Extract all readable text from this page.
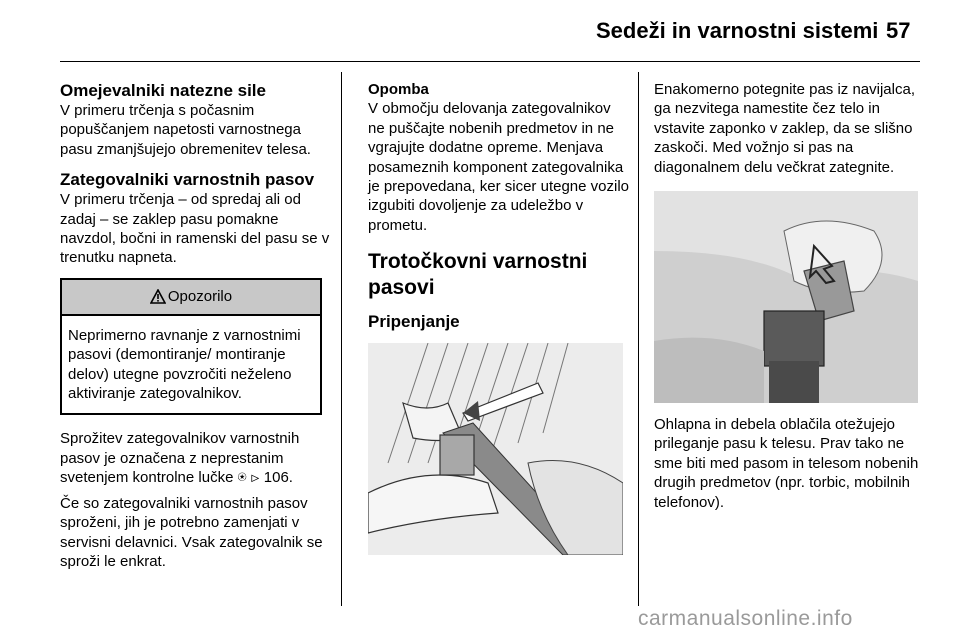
Sedeži in varnostni sistemi 57
Omejevalniki natezne sile

V primeru trčenja s počasnim popuščanjem napetosti varnostnega pasu zmanjšujejo obremenitev telesa.

Zategovalniki varnostnih pasov

V primeru trčenja – od spredaj ali od zadaj – se zaklep pasu pomakne navzdol, bočni in ramenski del pasu se v trenutku napneta.

Opozorilo

Neprimerno ravnanje z varnostnimi pasovi (demontiranje/ montiranje delov) utegne povzročiti neželeno aktiviranje zategovalnikov.

Sprožitev zategovalnikov varnostnih pasov je označena z neprestanim svetenjem kontrolne lučke ⍟ ⊳ 106.

Če so zategovalniki varnostnih pasov sproženi, jih je potrebno zamenjati v servisni delavnici. Vsak zategovalnik se sproži le enkrat.

Opomba

V območju delovanja zategovalnikov ne puščajte nobenih predmetov in ne vgrajujte dodatne opreme. Menjava posameznih komponent zategovalnika je prepovedana, ker sicer utegne vozilo izgubiti dovoljenje za udeležbo v prometu.

Trotočkovni varnostni
pasovi
Pripenjanje

Enakomerno potegnite pas iz navijalca, ga nezvitega namestite čez telo in vstavite zaponko v zaklep, da se slišno zaskoči. Med vožnjo si pas na diagonalnem delu večkrat zategnite.

Ohlapna in debela oblačila otežujejo prileganje pasu k telesu. Prav tako ne sme biti med pasom in telesom nobenih drugih predmetov (npr. torbic, mobilnih telefonov).

carmanualsonline.info
